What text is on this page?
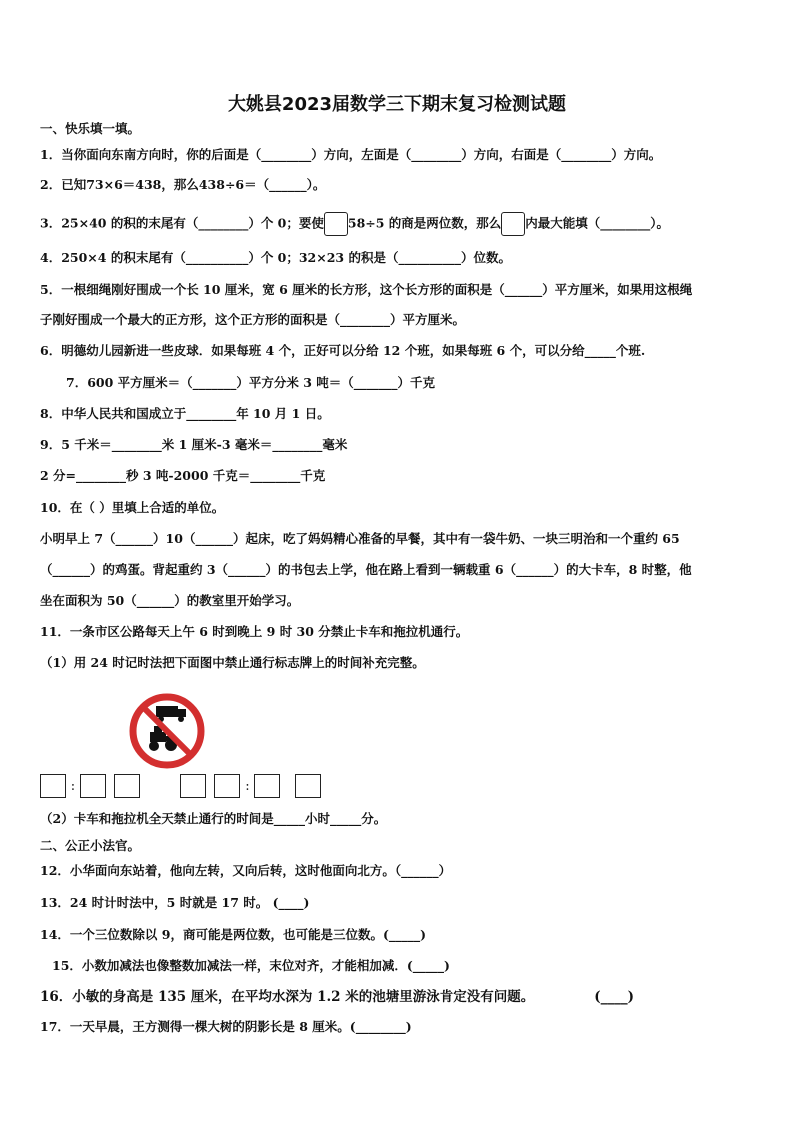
大姚县2023届数学三下期末复习检测试题
一、快乐填一填。
1．当你面向东南方向时，你的后面是（________）方向，左面是（________）方向，右面是（________）方向。
2．已知73×6＝438，那么438÷6＝（______）。
3．25×40 的积的末尾有（________）个 0；要使 58÷5 的商是两位数，那么 内最大能填（________）。
4．250×4 的积末尾有（__________）个 0；32×23 的积是（__________）位数。
5．一根细绳刚好围成一个长 10 厘米，宽 6 厘米的长方形，这个长方形的面积是（______）平方厘米，如果用这根绳
子刚好围成一个最大的正方形，这个正方形的面积是（________）平方厘米。
6．明德幼儿园新进一些皮球．如果每班 4 个，正好可以分给 12 个班，如果每班 6 个，可以分给_____个班.
7．600 平方厘米＝（_______）平方分米 3 吨＝（_______）千克
8．中华人民共和国成立于________年 10 月 1 日。
9．5 千米＝________米 1 厘米-3 毫米＝________毫米
2 分=________秒 3 吨-2000 千克＝________千克
10．在（ ）里填上合适的单位。
小明早上 7（______）10（______）起床，吃了妈妈精心准备的早餐，其中有一袋牛奶、一块三明治和一个重约 65
（______）的鸡蛋。背起重约 3（______）的书包去上学，他在路上看到一辆载重 6（______）的大卡车，8 时整，他
坐在面积为 50（______）的教室里开始学习。
11．一条市区公路每天上午 6 时到晚上 9 时 30 分禁止卡车和拖拉机通行。
（1）用 24 时记时法把下面图中禁止通行标志牌上的时间补充完整。
:	:
（2）卡车和拖拉机全天禁止通行的时间是_____小时_____分。
二、公正小法官。
12．小华面向东站着，他向左转，又向后转，这时他面向北方。（______）
13．24 时计时法中，5 时就是 17 时。 (____)
14．一个三位数除以 9，商可能是两位数，也可能是三位数。(_____)
15．小数加减法也像整数加减法一样，末位对齐，才能相加减．(_____)
16．小敏的身高是 135 厘米，在平均水深为 1.2 米的池塘里游泳肯定没有问题。	(____)
17．一天早晨，王方测得一棵大树的阴影长是 8 厘米。(________)
